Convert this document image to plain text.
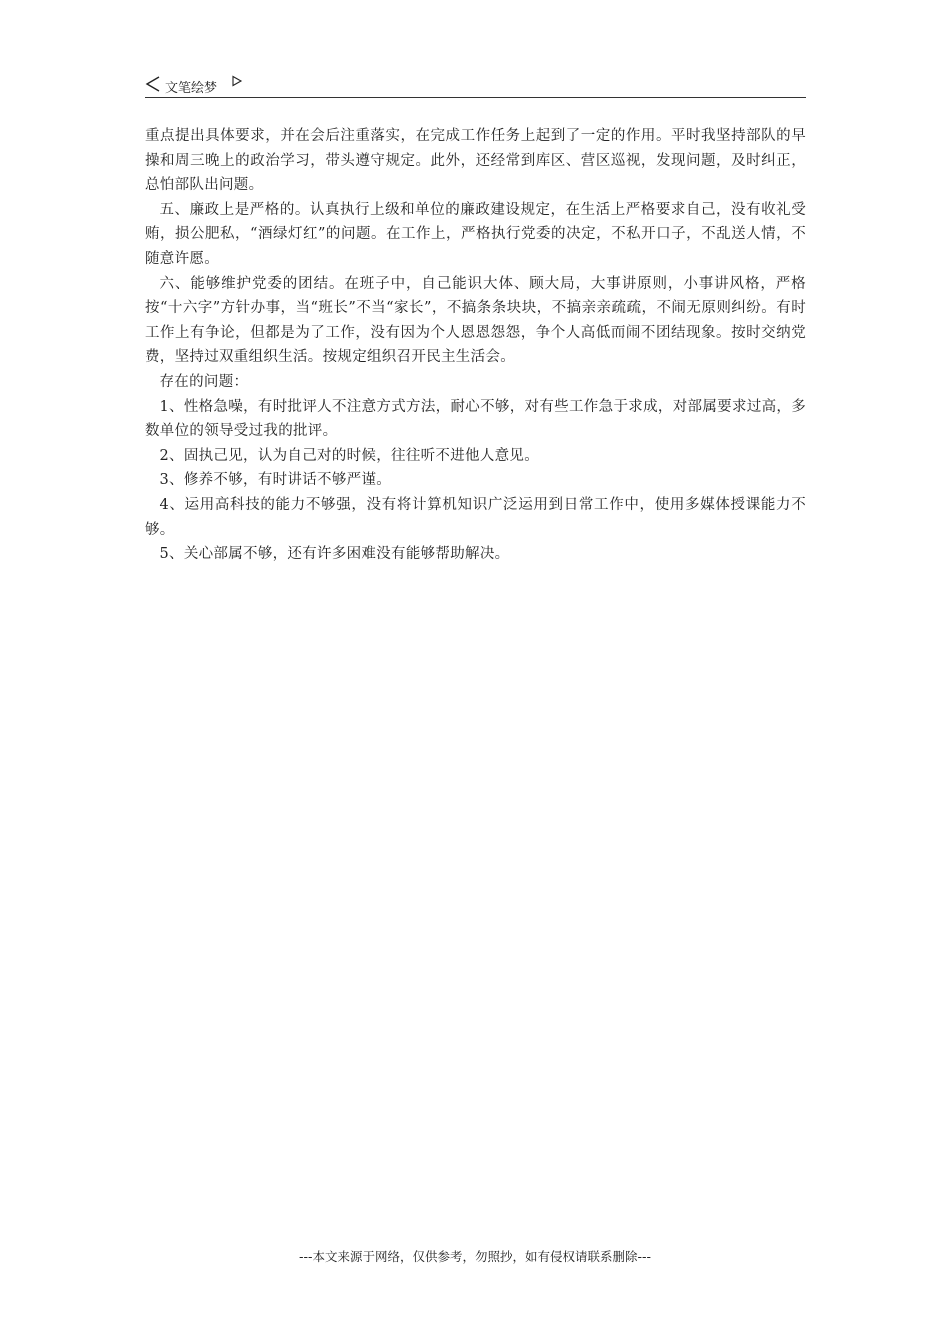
文笔绘梦

重点提出具体要求，并在会后注重落实，在完成工作任务上起到了一定的作用。平时我坚持部队的早操和周三晚上的政治学习，带头遵守规定。此外，还经常到库区、营区巡视，发现问题，及时纠正，总怕部队出问题。

五、廉政上是严格的。认真执行上级和单位的廉政建设规定，在生活上严格要求自己，没有收礼受贿，损公肥私，“酒绿灯红”的问题。在工作上，严格执行党委的决定，不私开口子，不乱送人情，不随意许愿。

六、能够维护党委的团结。在班子中，自己能识大体、顾大局，大事讲原则，小事讲风格，严格按“十六字”方针办事，当“班长”不当“家长”，不搞条条块块，不搞亲亲疏疏，不闹无原则纠纷。有时工作上有争论，但都是为了工作，没有因为个人恩恩怨怨，争个人高低而闹不团结现象。按时交纳党费，坚持过双重组织生活。按规定组织召开民主生活会。

存在的问题：

1、性格急噪，有时批评人不注意方式方法，耐心不够，对有些工作急于求成，对部属要求过高，多数单位的领导受过我的批评。

2、固执己见，认为自己对的时候，往往听不进他人意见。

3、修养不够，有时讲话不够严谨。

4、运用高科技的能力不够强，没有将计算机知识广泛运用到日常工作中，使用多媒体授课能力不够。

5、关心部属不够，还有许多困难没有能够帮助解决。

---本文来源于网络，仅供参考，勿照抄，如有侵权请联系删除---
